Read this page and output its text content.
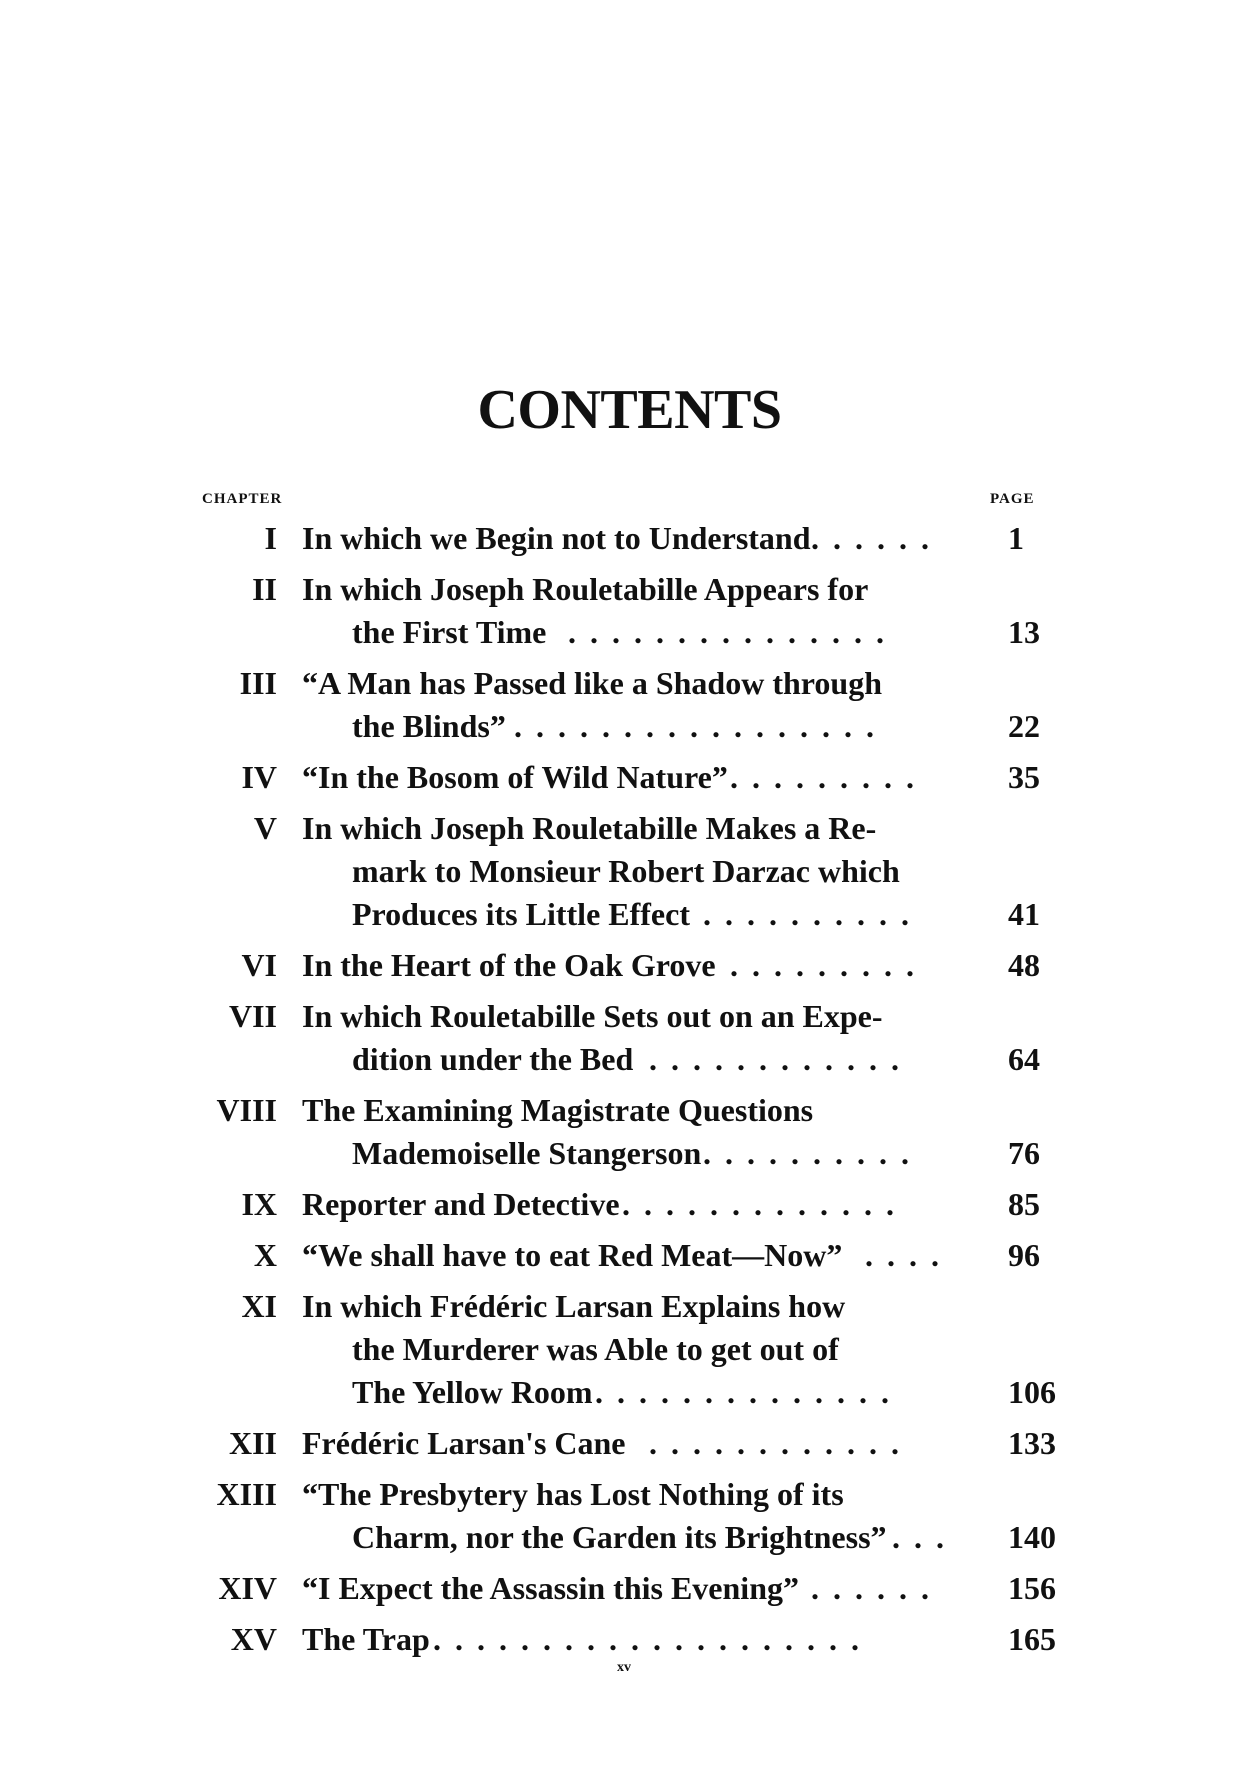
CONTENTS
CHAPTER	PAGE
I In which we Begin not to Understand ...... 1
II In which Joseph Rouletabille Appears for
the First Time ...............	13
III “A Man has Passed like a Shadow through
the Blinds” .................	22
IV “In the Bosom of Wild Nature” .........	35
V In which Joseph Rouletabille Makes a Re-
mark to Monsieur Robert Darzac which
Produces its Little Effect ..........	41
VI In the Heart of the Oak Grove .........	48
VII In which Rouletabille Sets out on an Expe-
dition under the Bed ............	64
VIII The Examining Magistrate Questions
Mademoiselle Stangerson ..........	76
IX Reporter and Detective .............	85
X “We shall have to eat Red Meat—Now” .... 96
XI In which Frédéric Larsan Explains how
the Murderer was Able to get out of
The Yellow Room ..............	106
XII Frédéric Larsan's Cane ............	133
XIII “The Presbytery has Lost Nothing of its
Charm, nor the Garden its Brightness” ... 140
XIV “I Expect the Assassin this Evening” ...... 156
XV The Trap ....................	165
xv
